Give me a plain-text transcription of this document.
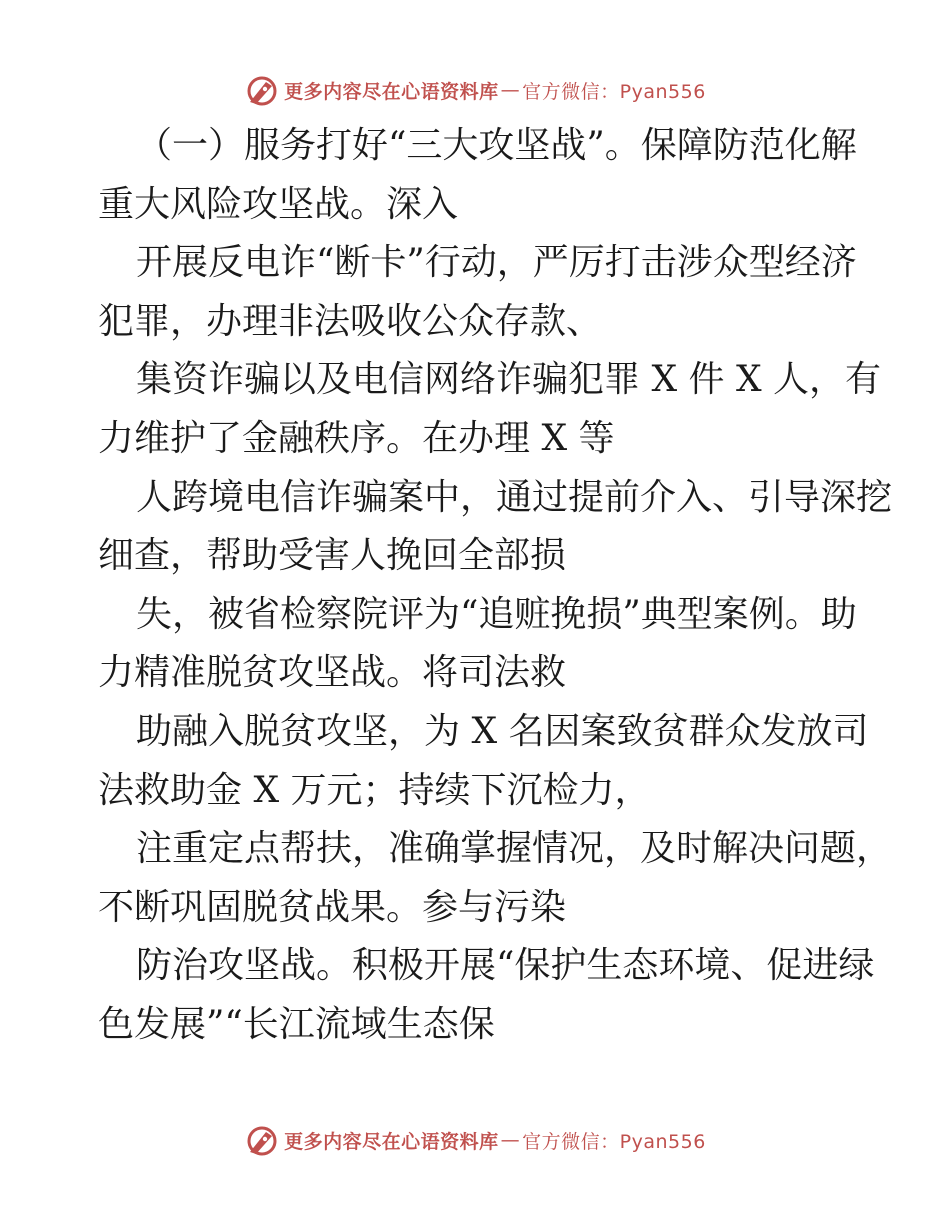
更多内容尽在心语资料库 — 官方微信：Pyan556
（一）服务打好“三大攻坚战”。保障防范化解
重大风险攻坚战。深入
开展反电诈“断卡”行动，严厉打击涉众型经济
犯罪，办理非法吸收公众存款、
集资诈骗以及电信网络诈骗犯罪 X 件 X 人，有
力维护了金融秩序。在办理 X 等
人跨境电信诈骗案中，通过提前介入、引导深挖
细查，帮助受害人挽回全部损
失，被省检察院评为“追赃挽损”典型案例。助
力精准脱贫攻坚战。将司法救
助融入脱贫攻坚，为 X 名因案致贫群众发放司
法救助金 X 万元；持续下沉检力，
注重定点帮扶，准确掌握情况，及时解决问题，
不断巩固脱贫战果。参与污染
防治攻坚战。积极开展“保护生态环境、促进绿
色发展”“长江流域生态保
更多内容尽在心语资料库 — 官方微信：Pyan556
